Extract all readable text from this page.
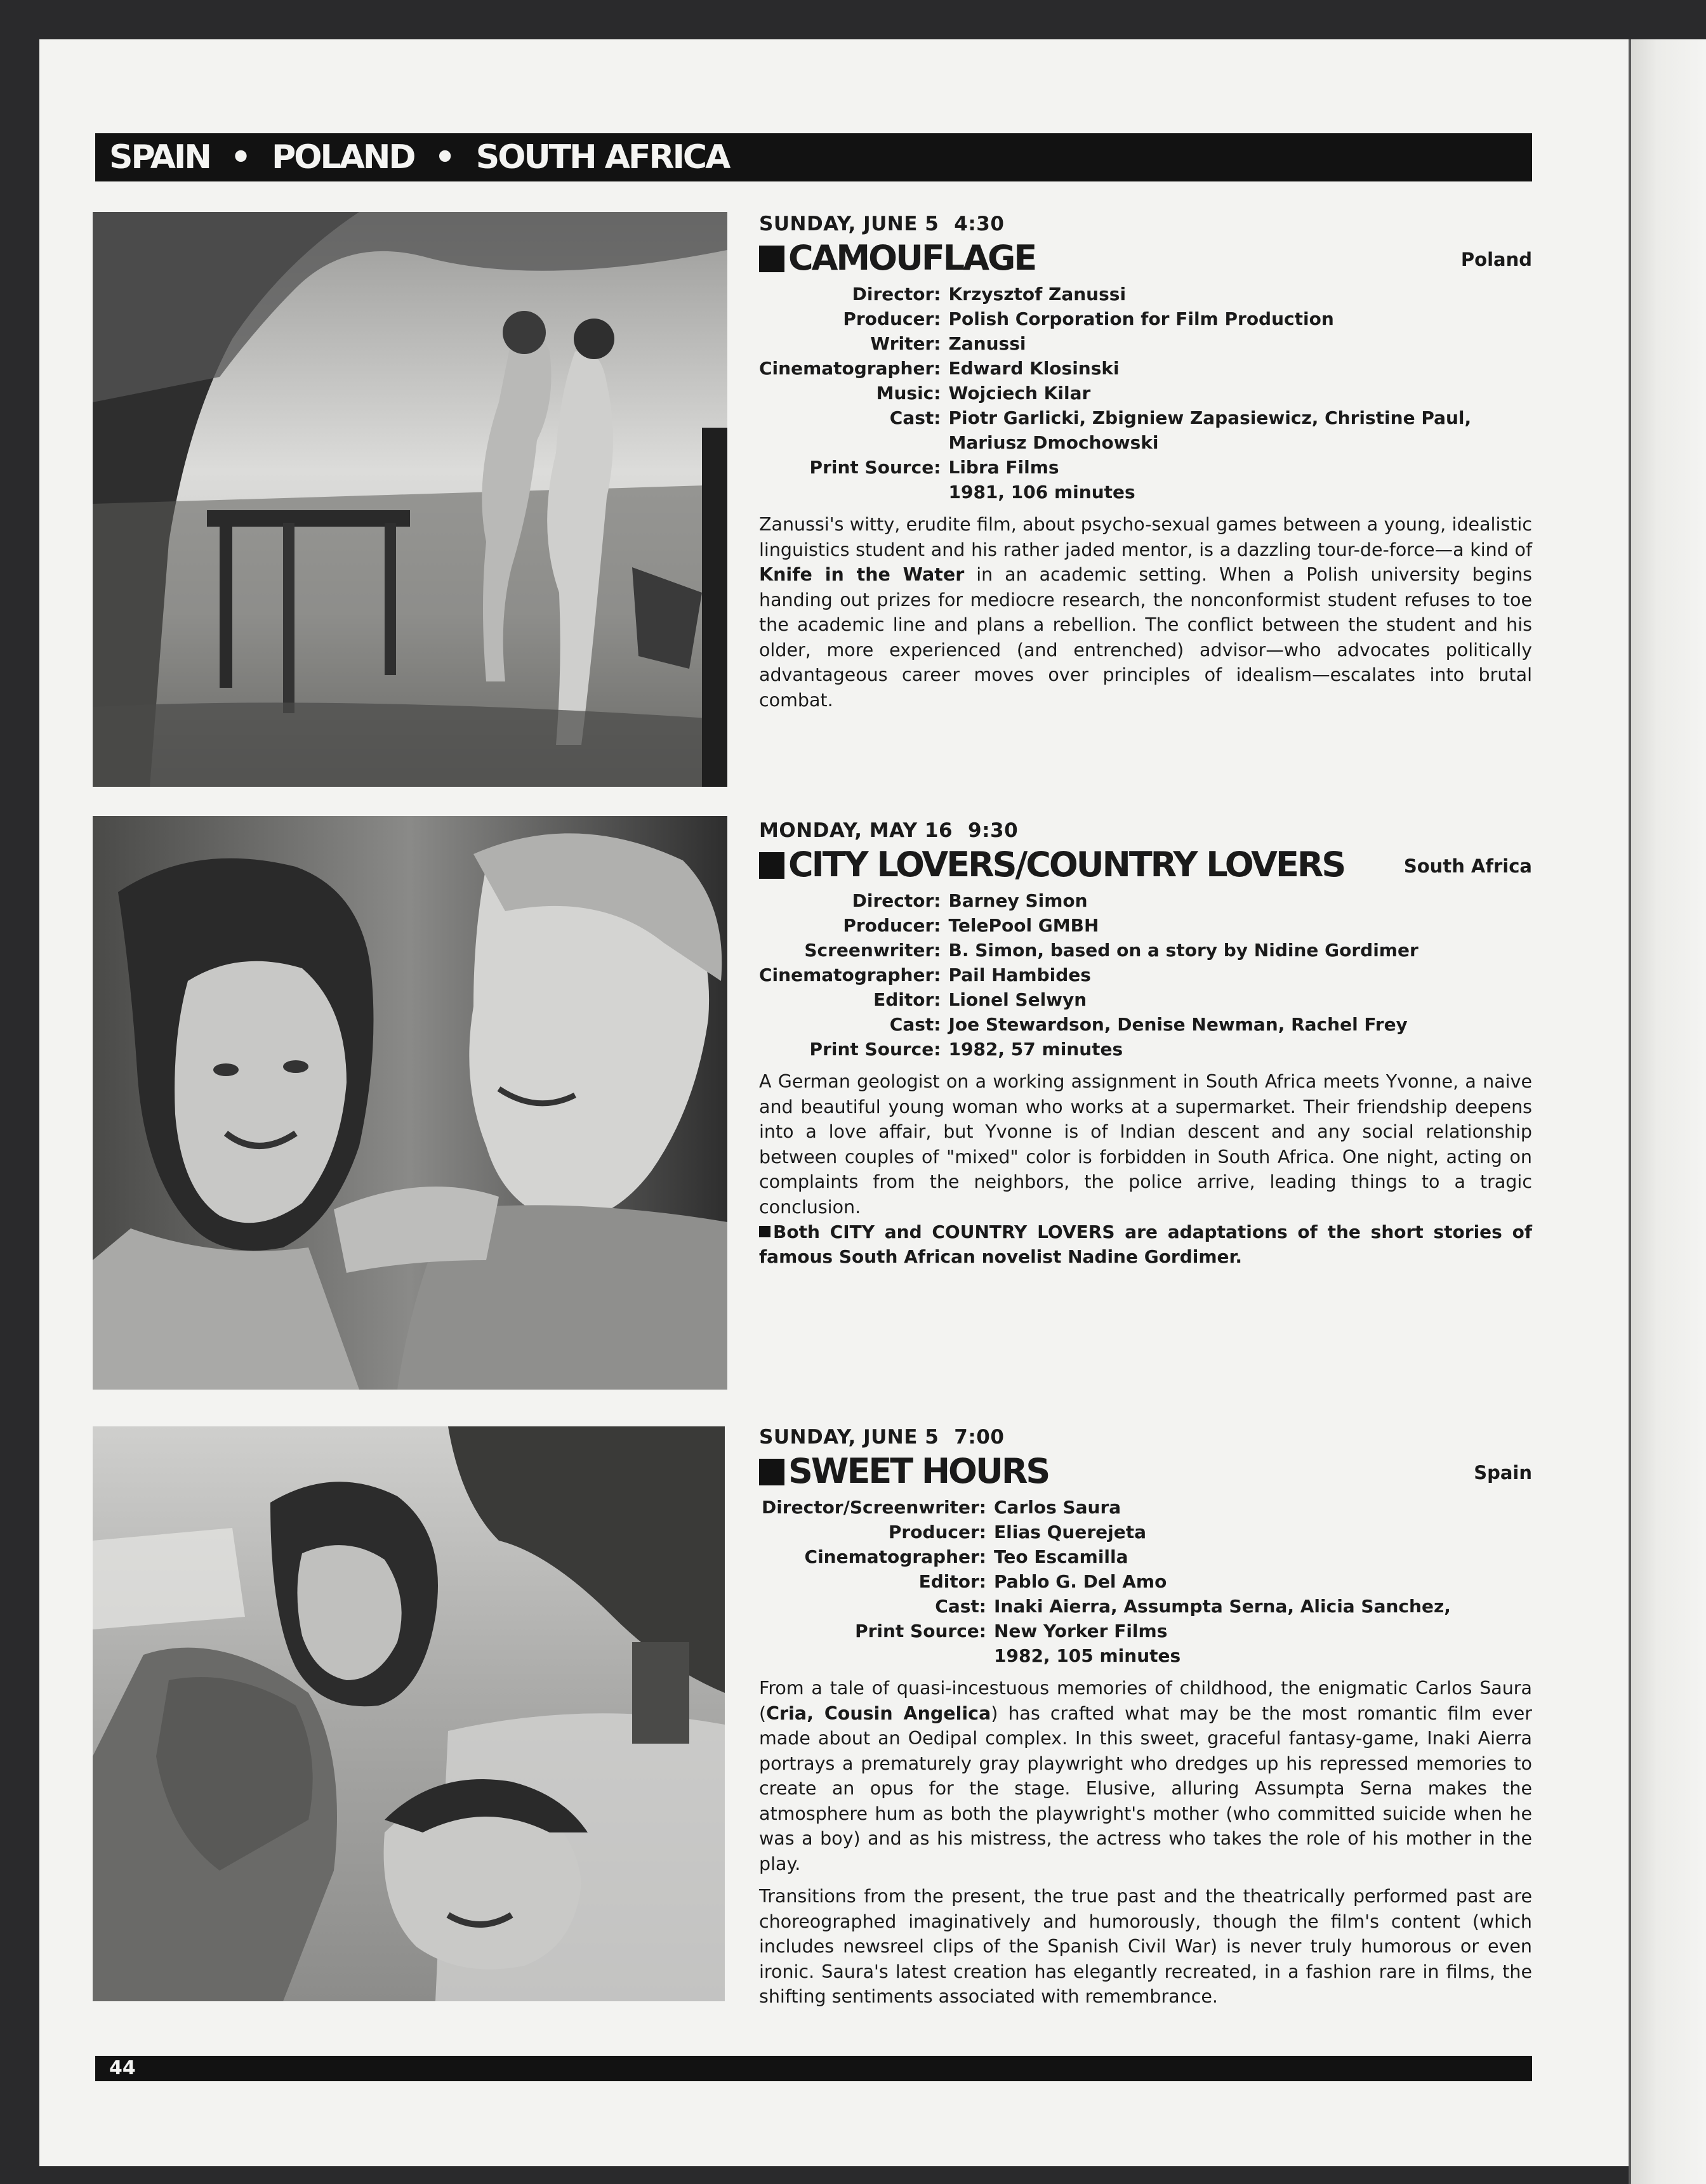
SPAIN • POLAND • SOUTH AFRICA
SUNDAY, JUNE 5 4:30
CAMOUFLAGE	Poland
Director:	Krzysztof Zanussi
Producer:	Polish Corporation for Film Production
Writer:	Zanussi
Cinematographer:	Edward Klosinski
Music:	Wojciech Kilar
Cast:	Piotr Garlicki, Zbigniew Zapasiewicz, Christine Paul, Mariusz Dmochowski
Print Source:	Libra Films
	1981, 106 minutes

Zanussi's witty, erudite film, about psycho-sexual games between a young, idealistic linguistics student and his rather jaded mentor, is a dazzling tour-de-force—a kind of Knife in the Water in an academic setting. When a Polish university begins handing out prizes for mediocre research, the nonconformist student refuses to toe the academic line and plans a rebellion. The conflict between the student and his older, more experienced (and entrenched) advisor—who advocates politically advantageous career moves over principles of idealism—escalates into brutal combat.

MONDAY, MAY 16 9:30
CITY LOVERS/COUNTRY LOVERS	South Africa
Director:	Barney Simon
Producer:	TelePool GMBH
Screenwriter:	B. Simon, based on a story by Nidine Gordimer
Cinematographer:	Pail Hambides
Editor:	Lionel Selwyn
Cast:	Joe Stewardson, Denise Newman, Rachel Frey
Print Source:	1982, 57 minutes

A German geologist on a working assignment in South Africa meets Yvonne, a naive and beautiful young woman who works at a supermarket. Their friendship deepens into a love affair, but Yvonne is of Indian descent and any social relationship between couples of "mixed" color is forbidden in South Africa. One night, acting on complaints from the neighbors, the police arrive, leading things to a tragic conclusion.

Both CITY and COUNTRY LOVERS are adaptations of the short stories of famous South African novelist Nadine Gordimer.

SUNDAY, JUNE 5 7:00
SWEET HOURS	Spain
Director/Screenwriter:	Carlos Saura
Producer:	Elias Querejeta
Cinematographer:	Teo Escamilla
Editor:	Pablo G. Del Amo
Cast:	Inaki Aierra, Assumpta Serna, Alicia Sanchez,
Print Source:	New Yorker Films
	1982, 105 minutes

From a tale of quasi-incestuous memories of childhood, the enigmatic Carlos Saura (Cria, Cousin Angelica) has crafted what may be the most romantic film ever made about an Oedipal complex. In this sweet, graceful fantasy-game, Inaki Aierra portrays a prematurely gray playwright who dredges up his repressed memories to create an opus for the stage. Elusive, alluring Assumpta Serna makes the atmosphere hum as both the playwright's mother (who committed suicide when he was a boy) and as his mistress, the actress who takes the role of his mother in the play.

Transitions from the present, the true past and the theatrically performed past are choreographed imaginatively and humorously, though the film's content (which includes newsreel clips of the Spanish Civil War) is never truly humorous or even ironic. Saura's latest creation has elegantly recreated, in a fashion rare in films, the shifting sentiments associated with remembrance.

44
